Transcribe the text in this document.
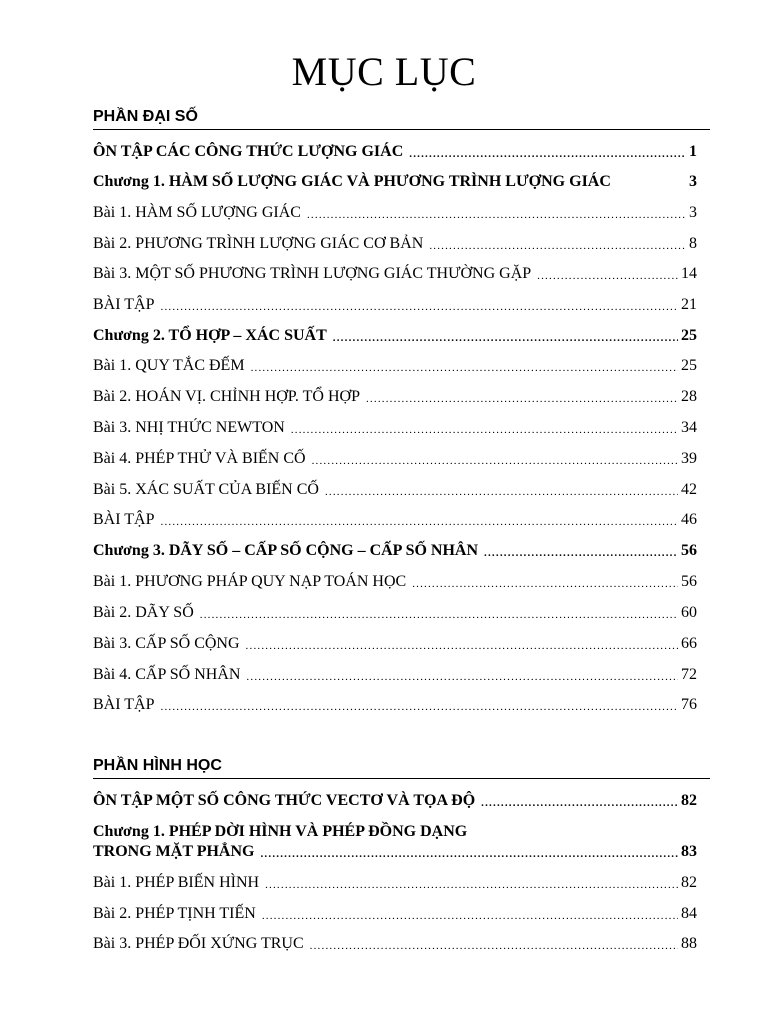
MỤC LỤC
PHẦN ĐẠI SỐ
ÔN TẬP CÁC CÔNG THỨC LƯỢNG GIÁC .....	1
Chương 1. HÀM SỐ LƯỢNG GIÁC VÀ PHƯƠNG TRÌNH LƯỢNG GIÁC	3
Bài 1. HÀM SỐ LƯỢNG GIÁC .....	3
Bài 2. PHƯƠNG TRÌNH LƯỢNG GIÁC CƠ BẢN .....	8
Bài 3. MỘT SỐ PHƯƠNG TRÌNH LƯỢNG GIÁC THƯỜNG GẶP .....	14
BÀI TẬP .....	21
Chương 2. TỔ HỢP – XÁC SUẤT .....	25
Bài 1. QUY TẮC ĐẾM .....	25
Bài 2. HOÁN VỊ. CHỈNH HỢP. TỔ HỢP .....	28
Bài 3. NHỊ THỨC NEWTON .....	34
Bài 4. PHÉP THỬ VÀ BIẾN CỐ .....	39
Bài 5. XÁC SUẤT CỦA BIẾN CỐ .....	42
BÀI TẬP .....	46
Chương 3. DÃY SỐ – CẤP SỐ CỘNG – CẤP SỐ NHÂN .....	56
Bài 1. PHƯƠNG PHÁP QUY NẠP TOÁN HỌC .....	56
Bài 2. DÃY SỐ .....	60
Bài 3. CẤP SỐ CỘNG .....	66
Bài 4. CẤP SỐ NHÂN .....	72
BÀI TẬP .....	76
PHẦN HÌNH HỌC
ÔN TẬP MỘT SỐ CÔNG THỨC VECTƠ VÀ TỌA ĐỘ .....	82
Chương 1. PHÉP DỜI HÌNH VÀ PHÉP ĐỒNG DẠNG
TRONG MẶT PHẲNG .....	83
Bài 1. PHÉP BIẾN HÌNH .....	82
Bài 2. PHÉP TỊNH TIẾN .....	84
Bài 3. PHÉP ĐỐI XỨNG TRỤC .....	88
